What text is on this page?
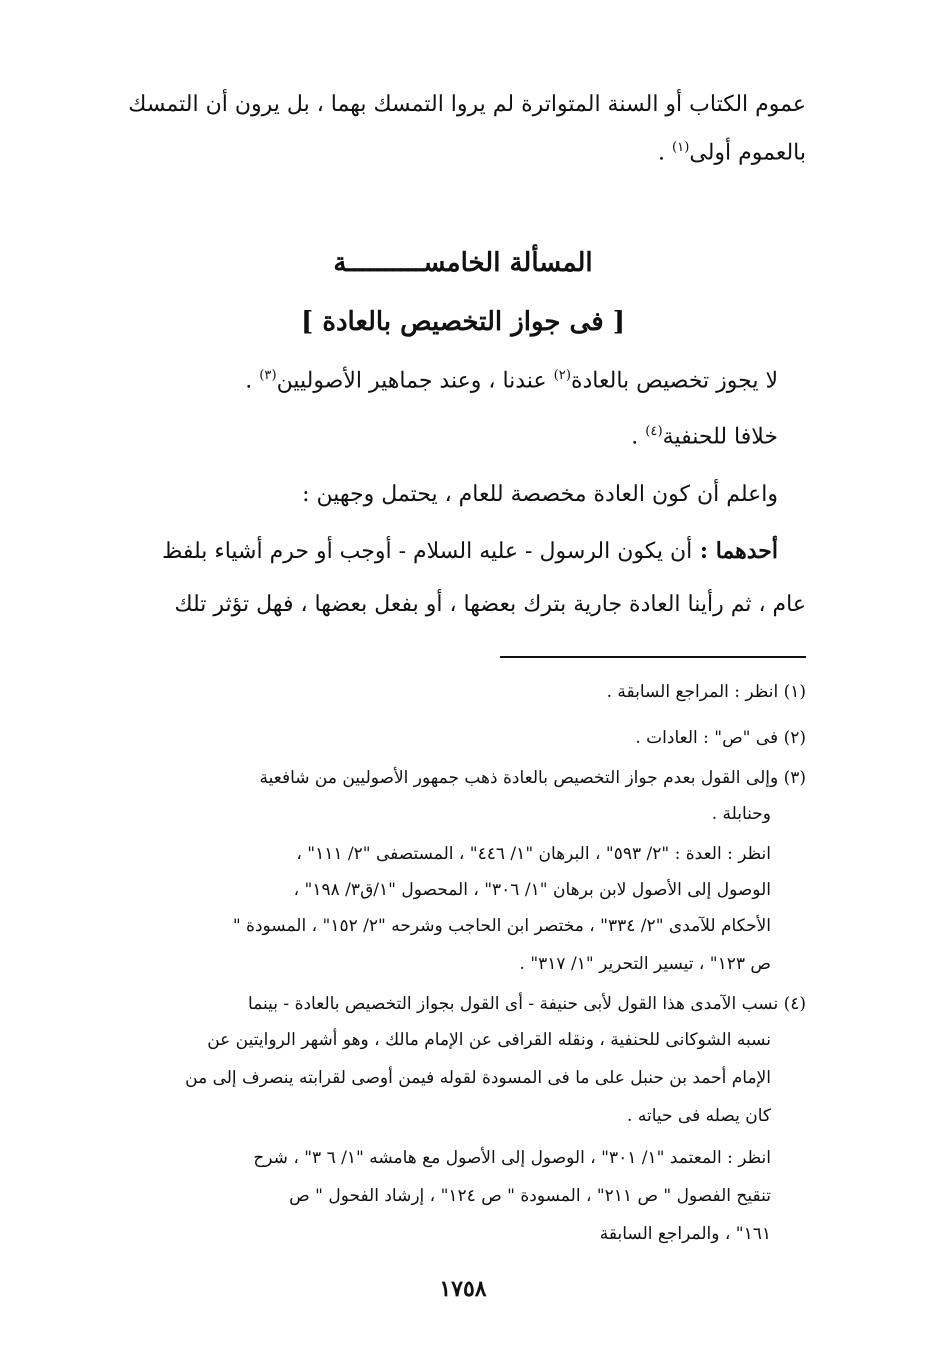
عموم الكتاب أو السنة المتواترة لم يروا التمسك بهما ، بل يرون أن التمسك
بالعموم أولى$^{(١)}$ .
المسألة الخامسـ‍ـــــــــة
[ فى جواز التخصيص بالعادة ]
لا يجوز تخصيص بالعادة$^{(٢)}$ عندنا ، وعند جماهير الأصوليين$^{(٣)}$ .
خلافا للحنفية$^{(٤)}$ .
واعلم أن كون العادة مخصصة للعام ، يحتمل وجهين :
أحدهما : أن يكون الرسول - عليه السلام - أوجب أو حرم أشياء بلفظ
عام ، ثم رأينا العادة جارية بترك بعضها ، أو بفعل بعضها ، فهل تؤثر تلك
(١) انظر : المراجع السابقة .
(٢) فى "ص" : العادات .
(٣) وإلى القول بعدم جواز التخصيص بالعادة ذهب جمهور الأصوليين من شافعية
وحنابلة .
انظر : العدة : "٢/ ٥٩٣" ، البرهان "١/ ٤٤٦" ، المستصفى "٢/ ١١١" ،
الوصول إلى الأصول لابن برهان "١/ ٣٠٦" ، المحصول "١/ق٣/ ١٩٨" ،
الأحكام للآمدى "٢/ ٣٣٤" ، مختصر ابن الحاجب وشرحه "٢/ ١٥٢" ، المسودة "
ص ١٢٣" ، تيسير التحرير "١/ ٣١٧" .
(٤) نسب الآمدى هذا القول لأبى حنيفة - أى القول بجواز التخصيص بالعادة - بينما
نسبه الشوكانى للحنفية ، ونقله القرافى عن الإمام مالك ، وهو أشهر الروايتين عن
الإمام أحمد بن حنبل على ما فى المسودة لقوله فيمن أوصى لقرابته ينصرف إلى من
كان يصله فى حياته .
انظر : المعتمد "١/ ٣٠١" ، الوصول إلى الأصول مع هامشه "١/ ٦ ٣" ، شرح
تنقيح الفصول " ص ٢١١" ، المسودة " ص ١٢٤" ، إرشاد الفحول " ص
١٦١" ، والمراجع السابقة
١٧٥٨
